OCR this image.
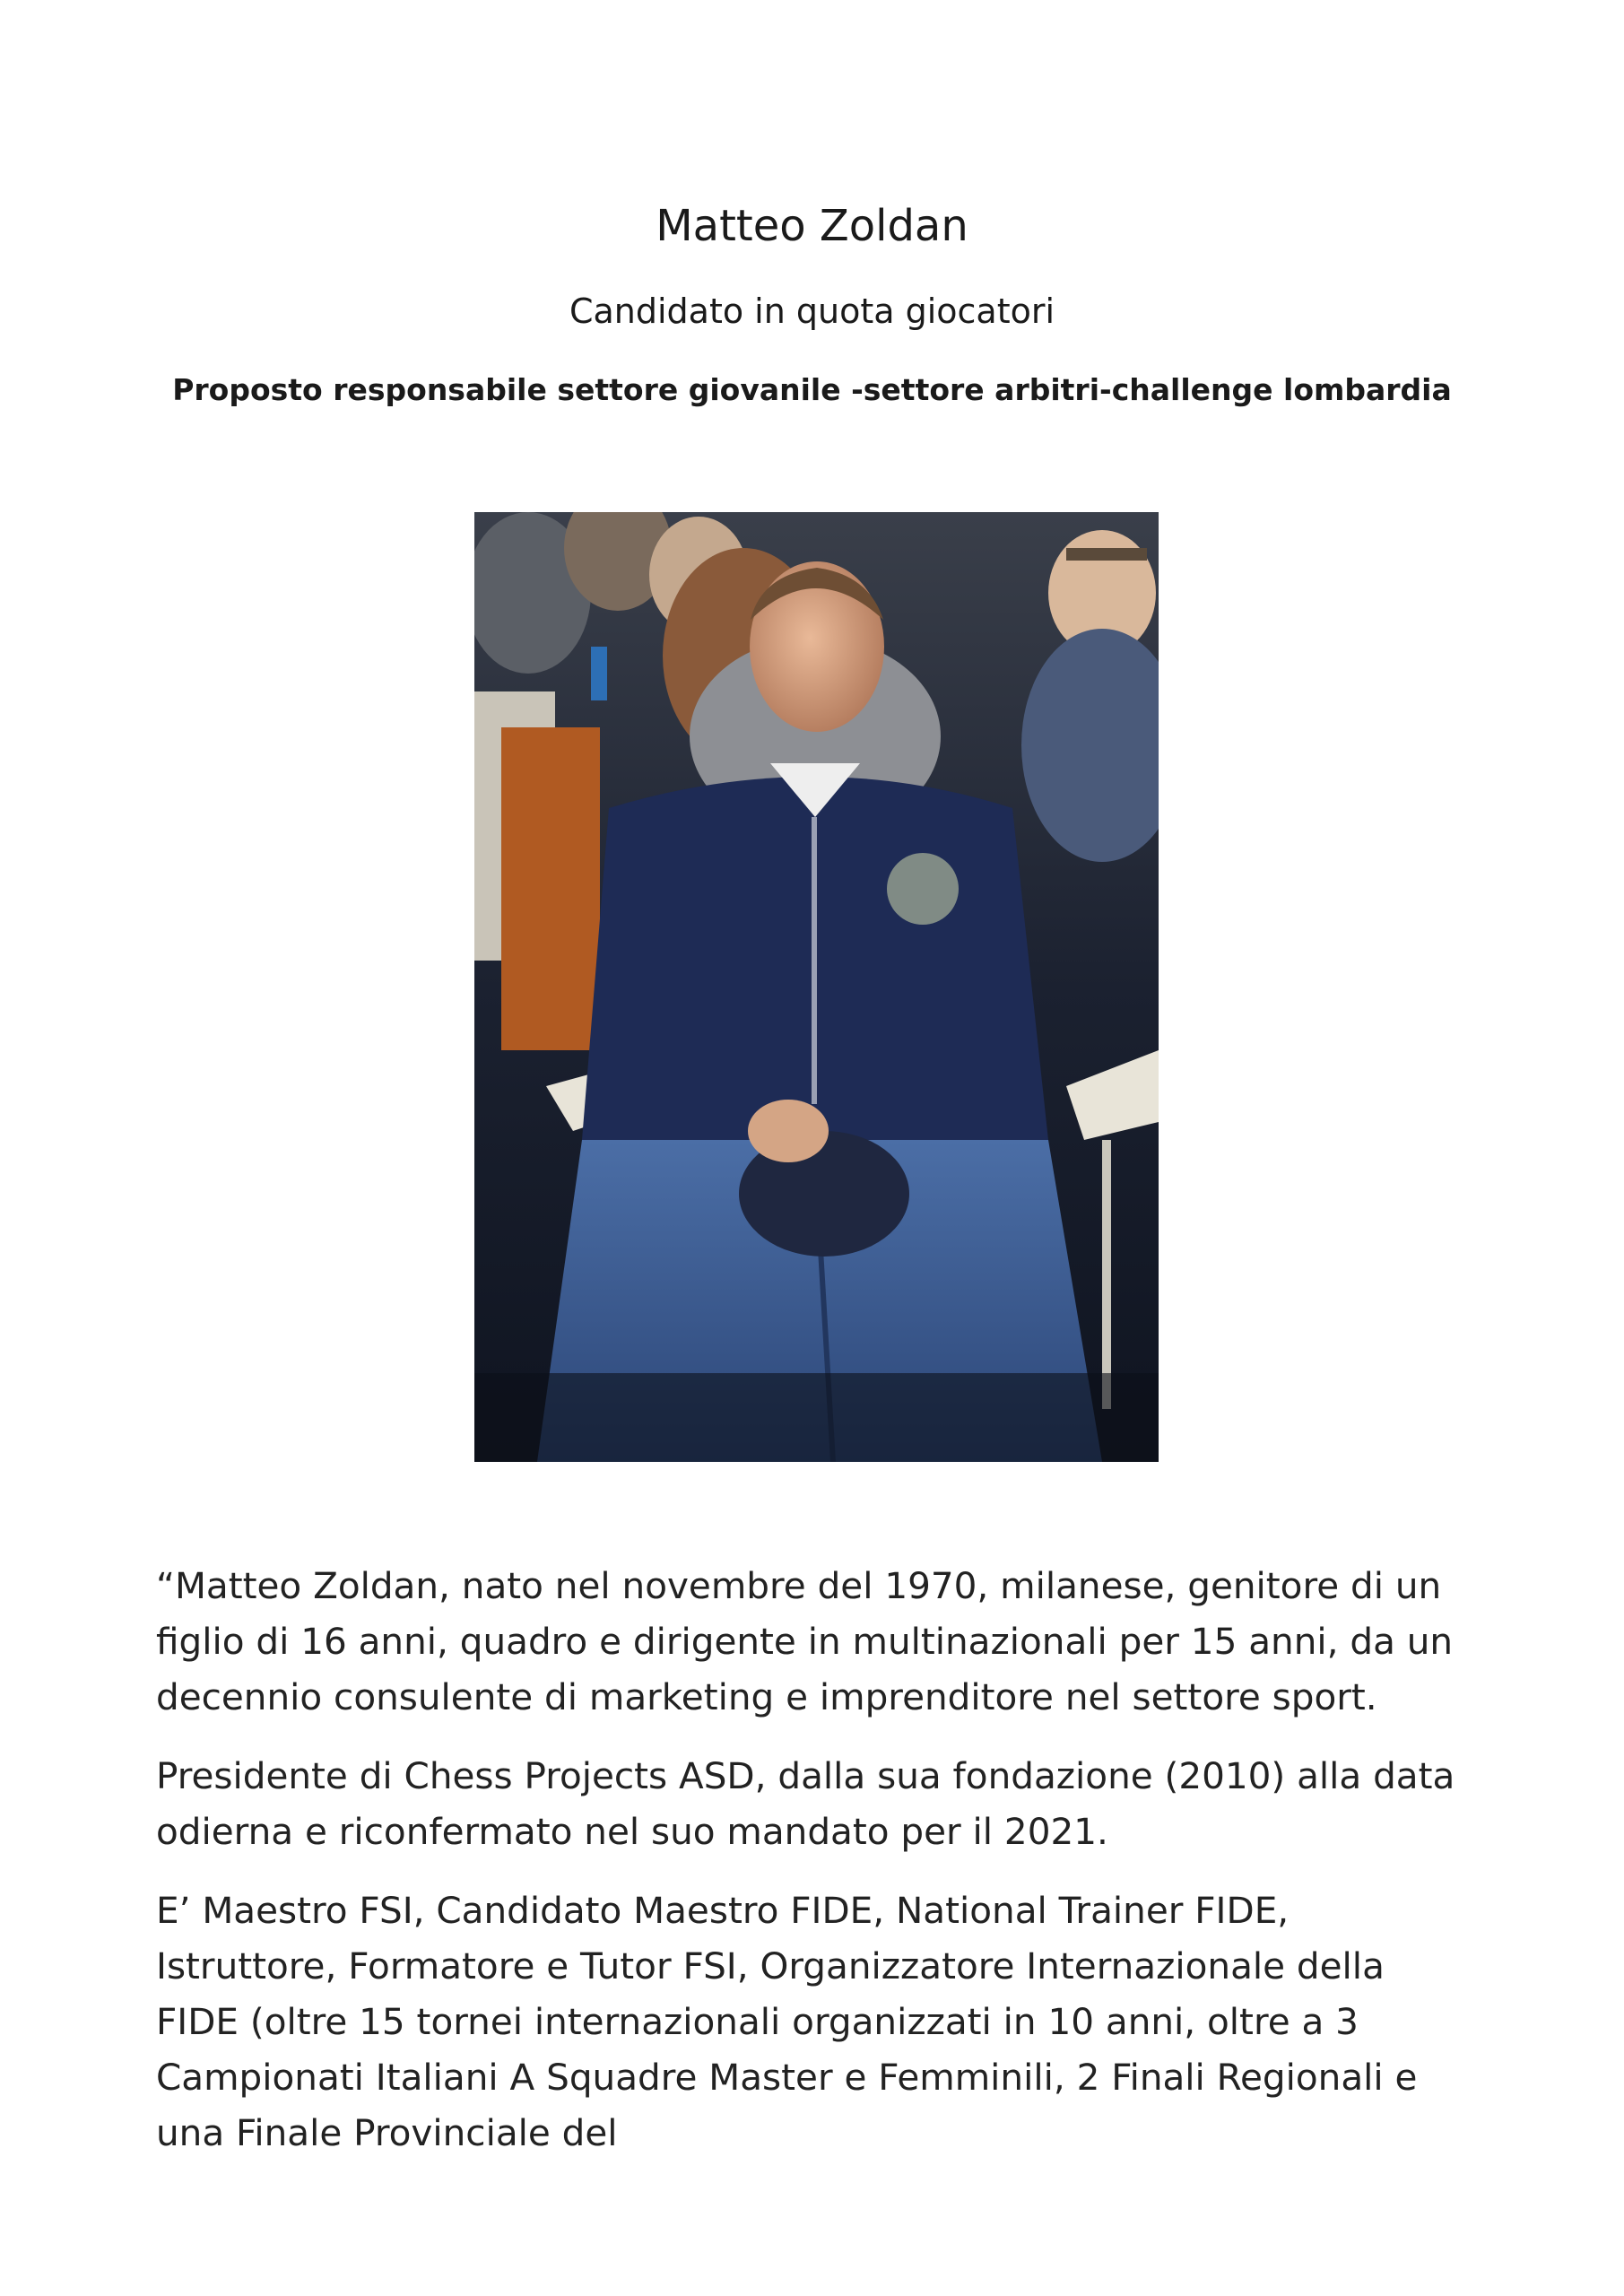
Matteo Zoldan

Candidato in quota giocatori

Proposto responsabile settore giovanile -settore arbitri-challenge lombardia

“Matteo Zoldan, nato nel novembre del 1970, milanese, genitore di un figlio di 16 anni, quadro e dirigente in multinazionali per 15 anni, da un decennio consulente di marketing e imprenditore nel settore sport.

Presidente di Chess Projects ASD, dalla sua fondazione (2010) alla data odierna e riconfermato nel suo mandato per il 2021.

E’ Maestro FSI, Candidato Maestro FIDE, National Trainer FIDE, Istruttore, Formatore e Tutor FSI, Organizzatore Internazionale della FIDE (oltre 15 tornei internazionali organizzati in 10 anni, oltre a 3 Campionati Italiani A Squadre Master e Femminili, 2 Finali Regionali e una Finale Provinciale del
